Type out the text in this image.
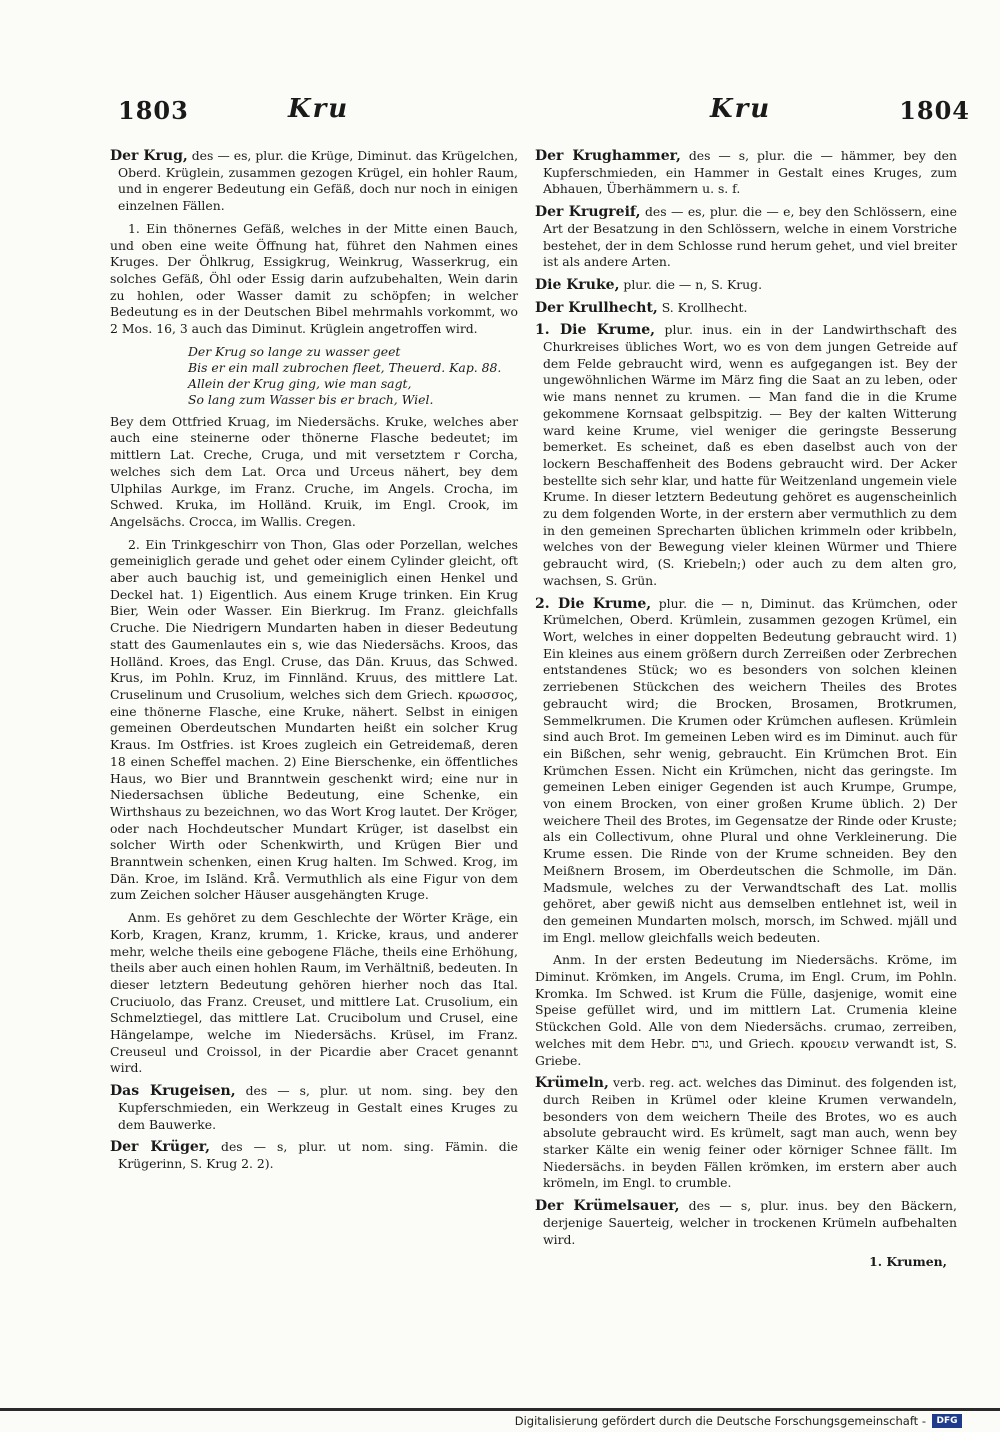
1803	Kru	Kru	1804

Der Krug, des — es, plur. die Krüge, Diminut. das Krügelchen, Oberd. Krüglein, zusammen gezogen Krügel, ein hohler Raum, und in engerer Bedeutung ein Gefäß, doch nur noch in einigen einzelnen Fällen.

1. Ein thönernes Gefäß, welches in der Mitte einen Bauch, und oben eine weite Öffnung hat, führet den Nahmen eines Kruges. Der Öhlkrug, Essigkrug, Weinkrug, Wasserkrug, ein solches Gefäß, Öhl oder Essig darin aufzubehalten, Wein darin zu hohlen, oder Wasser damit zu schöpfen; in welcher Bedeutung es in der Deutschen Bibel mehrmahls vorkommt, wo 2 Mos. 16, 3 auch das Diminut. Krüglein angetroffen wird.

Der Krug so lange zu wasser geet
Bis er ein mall zubrochen fleet, Theuerd. Kap. 88.
Allein der Krug ging, wie man sagt,
So lang zum Wasser bis er brach, Wiel.

Bey dem Ottfried Kruag, im Niedersächs. Kruke, welches aber auch eine steinerne oder thönerne Flasche bedeutet; im mittlern Lat. Creche, Cruga, und mit versetztem r Corcha, welches sich dem Lat. Orca und Urceus nähert, bey dem Ulphilas Aurkge, im Franz. Cruche, im Angels. Crocha, im Schwed. Kruka, im Holländ. Kruik, im Engl. Crook, im Angelsächs. Crocca, im Wallis. Cregen.

2. Ein Trinkgeschirr von Thon, Glas oder Porzellan, welches gemeiniglich gerade und gehet oder einem Cylinder gleicht, oft aber auch bauchig ist, und gemeiniglich einen Henkel und Deckel hat. 1) Eigentlich. Aus einem Kruge trinken. Ein Krug Bier, Wein oder Wasser. Ein Bierkrug. Im Franz. gleichfalls Cruche. Die Niedrigern Mundarten haben in dieser Bedeutung statt des Gaumenlautes ein s, wie das Niedersächs. Kroos, das Holländ. Kroes, das Engl. Cruse, das Dän. Kruus, das Schwed. Krus, im Pohln. Kruz, im Finnländ. Kruus, des mittlere Lat. Cruselinum und Crusolium, welches sich dem Griech. κρωσσος, eine thönerne Flasche, eine Kruke, nähert. Selbst in einigen gemeinen Oberdeutschen Mundarten heißt ein solcher Krug Kraus. Im Ostfries. ist Kroes zugleich ein Getreidemaß, deren 18 einen Scheffel machen. 2) Eine Bierschenke, ein öffentliches Haus, wo Bier und Branntwein geschenkt wird; eine nur in Niedersachsen übliche Bedeutung, eine Schenke, ein Wirthshaus zu bezeichnen, wo das Wort Krog lautet. Der Kröger, oder nach Hochdeutscher Mundart Krüger, ist daselbst ein solcher Wirth oder Schenkwirth, und Krügen Bier und Branntwein schenken, einen Krug halten. Im Schwed. Krog, im Dän. Kroe, im Isländ. Krå. Vermuthlich als eine Figur von dem zum Zeichen solcher Häuser ausgehängten Kruge.

Anm. Es gehöret zu dem Geschlechte der Wörter Kräge, ein Korb, Kragen, Kranz, krumm, 1. Kricke, kraus, und anderer mehr, welche theils eine gebogene Fläche, theils eine Erhöhung, theils aber auch einen hohlen Raum, im Verhältniß, bedeuten. In dieser letztern Bedeutung gehören hierher noch das Ital. Cruciuolo, das Franz. Creuset, und mittlere Lat. Crusolium, ein Schmelztiegel, das mittlere Lat. Crucibolum und Crusel, eine Hängelampe, welche im Niedersächs. Krüsel, im Franz. Creuseul und Croissol, in der Picardie aber Cracet genannt wird.

Das Krugeisen, des — s, plur. ut nom. sing. bey den Kupferschmieden, ein Werkzeug in Gestalt eines Kruges zu dem Bauwerke.

Der Krüger, des — s, plur. ut nom. sing. Fämin. die Krügerinn, S. Krug 2. 2).

Der Krughammer, des — s, plur. die — hämmer, bey den Kupferschmieden, ein Hammer in Gestalt eines Kruges, zum Abhauen, Überhämmern u. s. f.

Der Krugreif, des — es, plur. die — e, bey den Schlössern, eine Art der Besatzung in den Schlössern, welche in einem Vorstriche bestehet, der in dem Schlosse rund herum gehet, und viel breiter ist als andere Arten.

Die Kruke, plur. die — n, S. Krug.

Der Krullhecht, S. Krollhecht.

1. Die Krume, plur. inus. ein in der Landwirthschaft des Churkreises übliches Wort, wo es von dem jungen Getreide auf dem Felde gebraucht wird, wenn es aufgegangen ist. Bey der ungewöhnlichen Wärme im März fing die Saat an zu leben, oder wie mans nennet zu krumen. — Man fand die in die Krume gekommene Kornsaat gelbspitzig. — Bey der kalten Witterung ward keine Krume, viel weniger die geringste Besserung bemerket. Es scheinet, daß es eben daselbst auch von der lockern Beschaffenheit des Bodens gebraucht wird. Der Acker bestellte sich sehr klar, und hatte für Weitzenland ungemein viele Krume. In dieser letztern Bedeutung gehöret es augenscheinlich zu dem folgenden Worte, in der erstern aber vermuthlich zu dem in den gemeinen Sprecharten üblichen krimmeln oder kribbeln, welches von der Bewegung vieler kleinen Würmer und Thiere gebraucht wird, (S. Kriebeln;) oder auch zu dem alten gro, wachsen, S. Grün.

2. Die Krume, plur. die — n, Diminut. das Krümchen, oder Krümelchen, Oberd. Krümlein, zusammen gezogen Krümel, ein Wort, welches in einer doppelten Bedeutung gebraucht wird. 1) Ein kleines aus einem größern durch Zerreißen oder Zerbrechen entstandenes Stück; wo es besonders von solchen kleinen zerriebenen Stückchen des weichern Theiles des Brotes gebraucht wird; die Brocken, Brosamen, Brotkrumen, Semmelkrumen. Die Krumen oder Krümchen auflesen. Krümlein sind auch Brot. Im gemeinen Leben wird es im Diminut. auch für ein Bißchen, sehr wenig, gebraucht. Ein Krümchen Brot. Ein Krümchen Essen. Nicht ein Krümchen, nicht das geringste. Im gemeinen Leben einiger Gegenden ist auch Krumpe, Grumpe, von einem Brocken, von einer großen Krume üblich. 2) Der weichere Theil des Brotes, im Gegensatze der Rinde oder Kruste; als ein Collectivum, ohne Plural und ohne Verkleinerung. Die Krume essen. Die Rinde von der Krume schneiden. Bey den Meißnern Brosem, im Oberdeutschen die Schmolle, im Dän. Madsmule, welches zu der Verwandtschaft des Lat. mollis gehöret, aber gewiß nicht aus demselben entlehnet ist, weil in den gemeinen Mundarten molsch, morsch, im Schwed. mjäll und im Engl. mellow gleichfalls weich bedeuten.

Anm. In der ersten Bedeutung im Niedersächs. Kröme, im Diminut. Krömken, im Angels. Cruma, im Engl. Crum, im Pohln. Kromka. Im Schwed. ist Krum die Fülle, dasjenige, womit eine Speise gefüllet wird, und im mittlern Lat. Crumenia kleine Stückchen Gold. Alle von dem Niedersächs. crumao, zerreiben, welches mit dem Hebr. גרם, und Griech. κρουειν verwandt ist, S. Griebe.

Krümeln, verb. reg. act. welches das Diminut. des folgenden ist, durch Reiben in Krümel oder kleine Krumen verwandeln, besonders von dem weichern Theile des Brotes, wo es auch absolute gebraucht wird. Es krümelt, sagt man auch, wenn bey starker Kälte ein wenig feiner oder körniger Schnee fällt. Im Niedersächs. in beyden Fällen krömken, im erstern aber auch krömeln, im Engl. to crumble.

Der Krümelsauer, des — s, plur. inus. bey den Bäckern, derjenige Sauerteig, welcher in trockenen Krümeln aufbehalten wird.

1. Krumen,
Digitalisierung gefördert durch die Deutsche Forschungsgemeinschaft -	DFG
